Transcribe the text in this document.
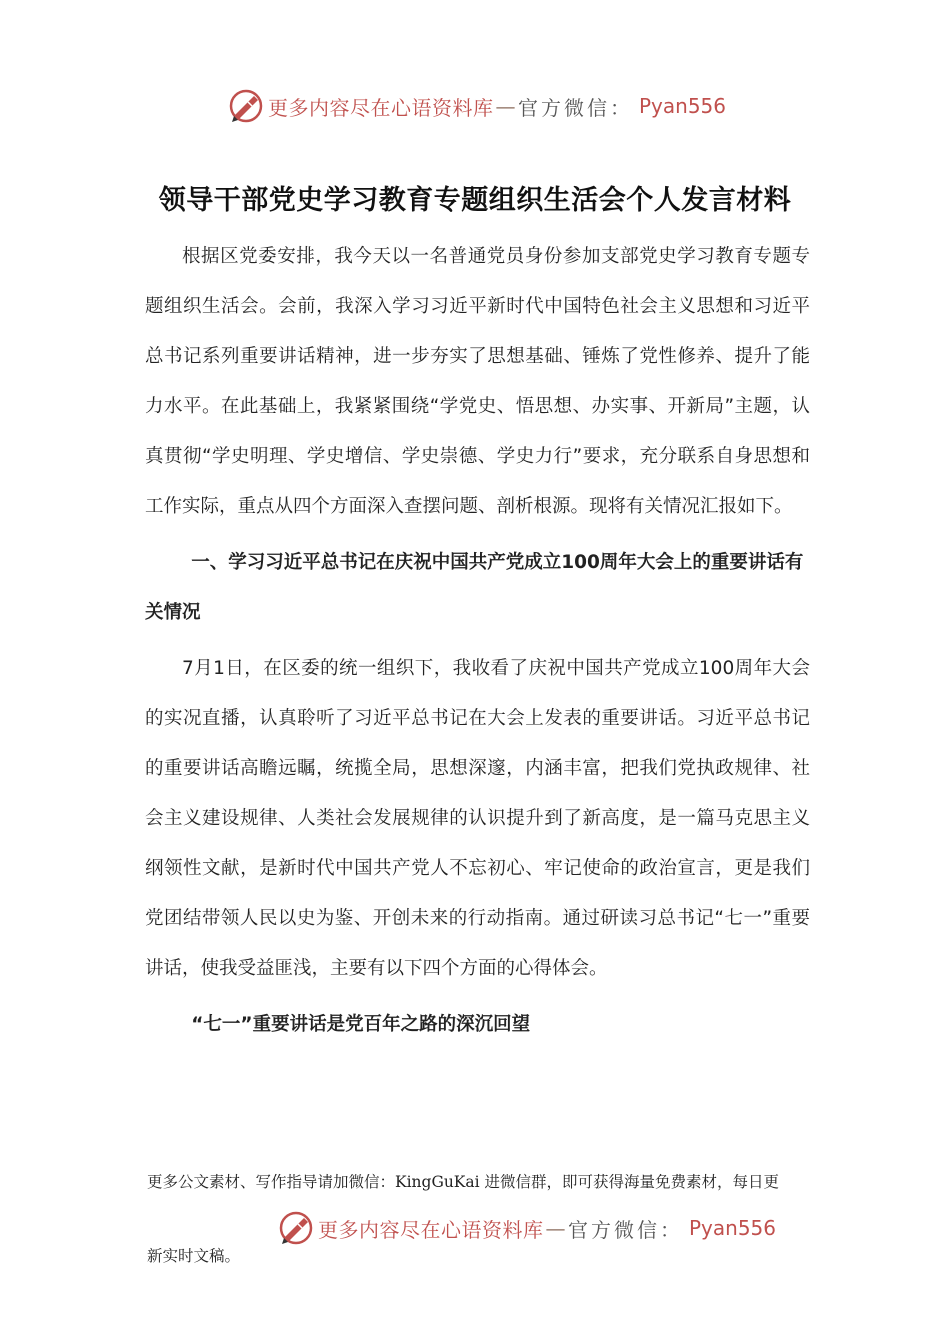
更多内容尽在心语资料库 — 官方微信： Pyan556
领导干部党史学习教育专题组织生活会个人发言材料

根据区党委安排，我今天以一名普通党员身份参加支部党史学习教育专题专题组织生活会。会前，我深入学习习近平新时代中国特色社会主义思想和习近平总书记系列重要讲话精神，进一步夯实了思想基础、锤炼了党性修养、提升了能力水平。在此基础上，我紧紧围绕“学党史、悟思想、办实事、开新局”主题，认真贯彻“学史明理、学史增信、学史崇德、学史力行”要求，充分联系自身思想和工作实际，重点从四个方面深入查摆问题、剖析根源。现将有关情况汇报如下。

一、学习习近平总书记在庆祝中国共产党成立100周年大会上的重要讲话有关情况

7月1日，在区委的统一组织下，我收看了庆祝中国共产党成立100周年大会的实况直播，认真聆听了习近平总书记在大会上发表的重要讲话。习近平总书记的重要讲话高瞻远瞩，统揽全局，思想深邃，内涵丰富，把我们党执政规律、社会主义建设规律、人类社会发展规律的认识提升到了新高度，是一篇马克思主义纲领性文献，是新时代中国共产党人不忘初心、牢记使命的政治宣言，更是我们党团结带领人民以史为鉴、开创未来的行动指南。通过研读习总书记“七一”重要讲话，使我受益匪浅，主要有以下四个方面的心得体会。

“七一”重要讲话是党百年之路的深沉回望

更多公文素材、写作指导请加微信：KingGuKai 进微信群，即可获得海量免费素材，每日更
更多内容尽在心语资料库 — 官方微信： Pyan556
新实时文稿。
